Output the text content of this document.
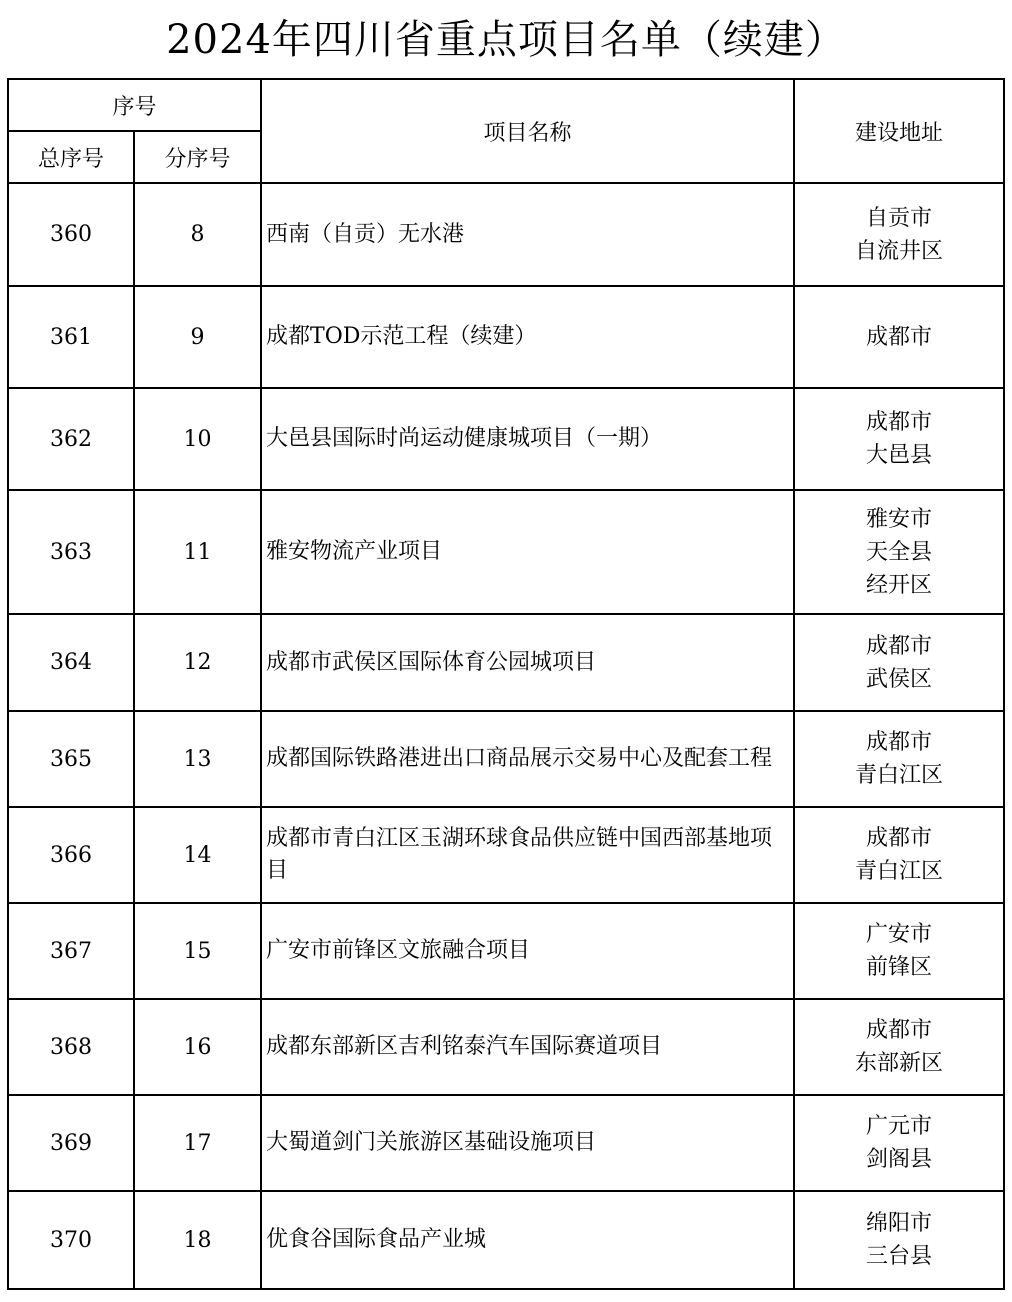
2024年四川省重点项目名单（续建）
序号		项目名称	建设地址
总序号	分序号		
360	8	西南（自贡）无水港	自贡市
自流井区

361	9	成都TOD示范工程（续建）	成都市

362	10	大邑县国际时尚运动健康城项目（一期）	成都市
大邑县

363	11	雅安物流产业项目	雅安市
天全县
经开区

364	12	成都市武侯区国际体育公园城项目	成都市
武侯区

365	13	成都国际铁路港进出口商品展示交易中心及配套工程	成都市
青白江区

366	14	成都市青白江区玉湖环球食品供应链中国西部基地项目	成都市
青白江区

367	15	广安市前锋区文旅融合项目	广安市
前锋区

368	16	成都东部新区吉利铭泰汽车国际赛道项目	成都市
东部新区

369	17	大蜀道剑门关旅游区基础设施项目	广元市
剑阁县

370	18	优食谷国际食品产业城	绵阳市
三台县
